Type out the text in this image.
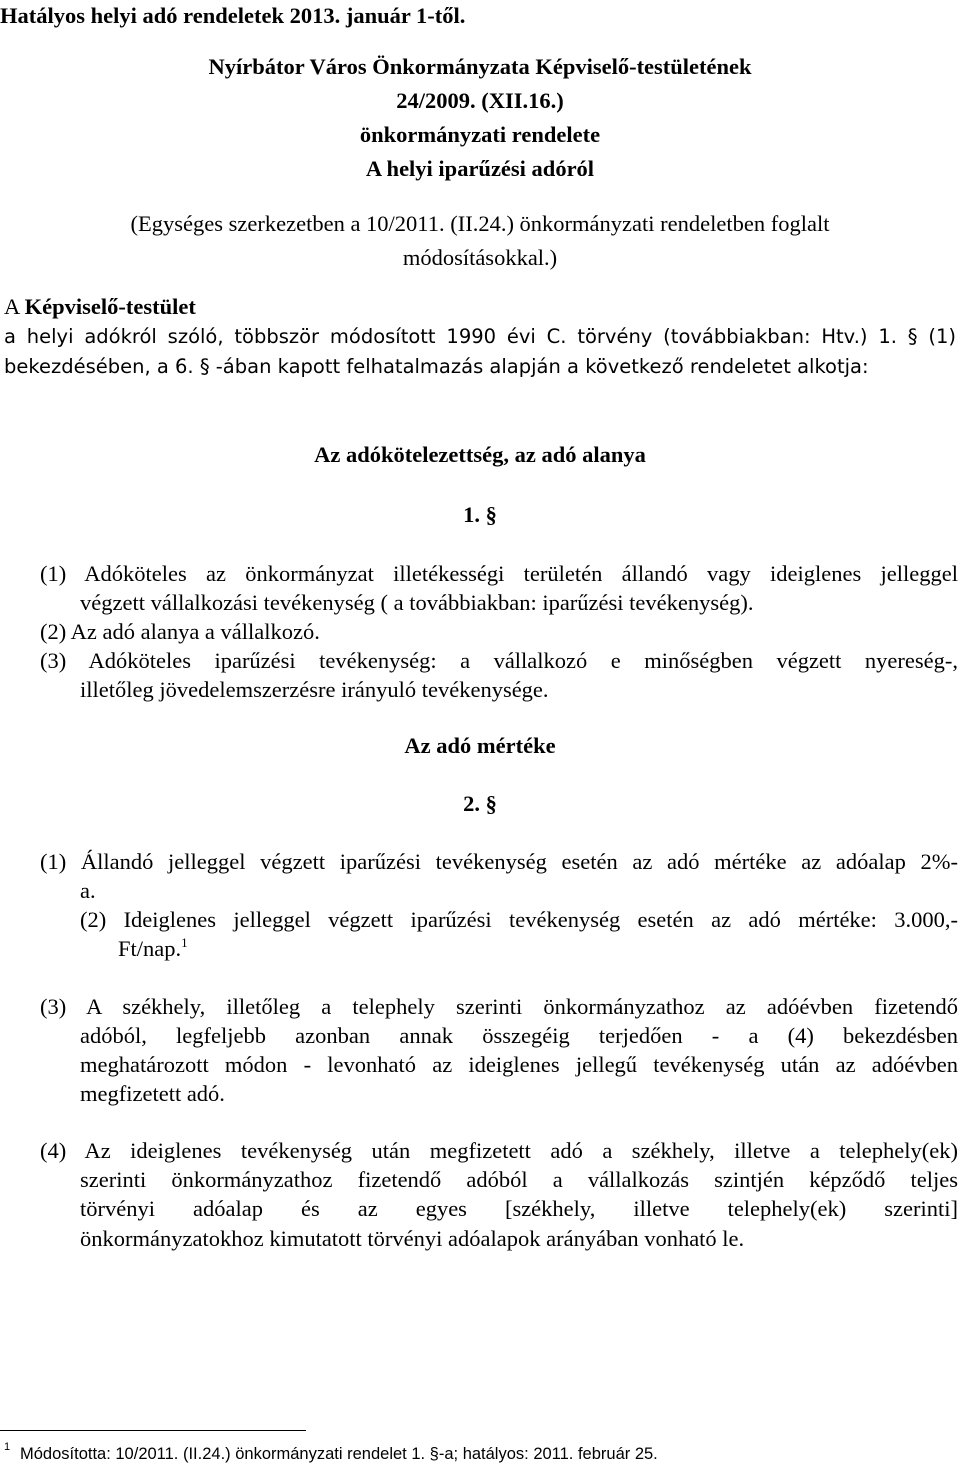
Hatályos helyi adó rendeletek 2013. január 1-től.
Nyírbátor Város Önkormányzata Képviselő-testületének
24/2009. (XII.16.)
önkormányzati rendelete
A helyi iparűzési adóról
(Egységes szerkezetben a 10/2011. (II.24.) önkormányzati rendeletben foglalt
módosításokkal.)
A Képviselő-testület
a helyi adókról szóló, többször módosított 1990 évi C. törvény (továbbiakban: Htv.) 1. § (1)
bekezdésében, a 6. § -ában kapott felhatalmazás alapján a következő rendeletet alkotja:
Az adókötelezettség, az adó alanya
1. §
(1) Adóköteles az önkormányzat illetékességi területén állandó vagy ideiglenes jelleggel
végzett vállalkozási tevékenység ( a továbbiakban: iparűzési tevékenység).
(2) Az adó alanya a vállalkozó.
(3) Adóköteles iparűzési tevékenység: a vállalkozó e minőségben végzett nyereség-,
illetőleg jövedelemszerzésre irányuló tevékenysége.
Az adó mértéke
2. §
(1) Állandó jelleggel végzett iparűzési tevékenység esetén az adó mértéke az adóalap 2%-
a.
(2) Ideiglenes jelleggel végzett iparűzési tevékenység esetén az adó mértéke: 3.000,-
Ft/nap.$^1$
(3) A székhely, illetőleg a telephely szerinti önkormányzathoz az adóévben fizetendő
adóból, legfeljebb azonban annak összegéig terjedően - a (4) bekezdésben
meghatározott módon - levonható az ideiglenes jellegű tevékenység után az adóévben
megfizetett adó.
(4) Az ideiglenes tevékenység után megfizetett adó a székhely, illetve a telephely(ek)
szerinti önkormányzathoz fizetendő adóból a vállalkozás szintjén képződő teljes
törvényi adóalap és az egyes [székhely, illetve telephely(ek) szerinti]
önkormányzatokhoz kimutatott törvényi adóalapok arányában vonható le.
1 Módosította: 10/2011. (II.24.) önkormányzati rendelet 1. §-a; hatályos: 2011. február 25.
